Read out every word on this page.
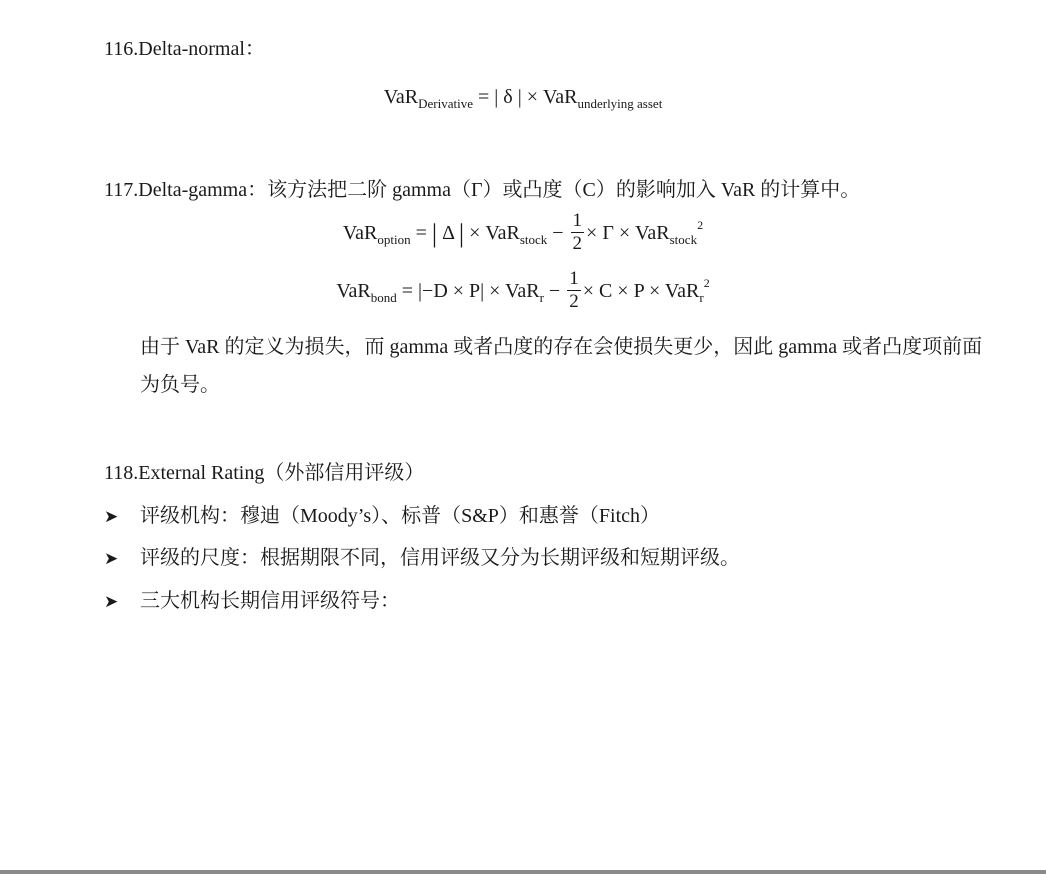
116.Delta-normal：
VaR$_{Derivative}$ = | δ | × VaR$_{underlying asset}$
117.Delta-gamma：该方法把二阶 gamma（Γ）或凸度（C）的影响加入 VaR 的计算中。
VaR$_{option}$ = | Δ | × $VaR_{stock} - \frac{1}{2} \times \Gamma \times VaR_{stock}^2$
$VaR_{bond} = |-D \times P| \times VaR_r - \frac{1}{2} \times C \times P \times VaR_r^2$
由于 VaR 的定义为损失，而 gamma 或者凸度的存在会使损失更少，因此 gamma 或者凸度项前面为负号。
118.External Rating（外部信用评级）
➤ 评级机构：穆迪（Moody’s）、标普（S&P）和惠誉（Fitch）
➤ 评级的尺度：根据期限不同，信用评级又分为长期评级和短期评级。
➤ 三大机构长期信用评级符号：
